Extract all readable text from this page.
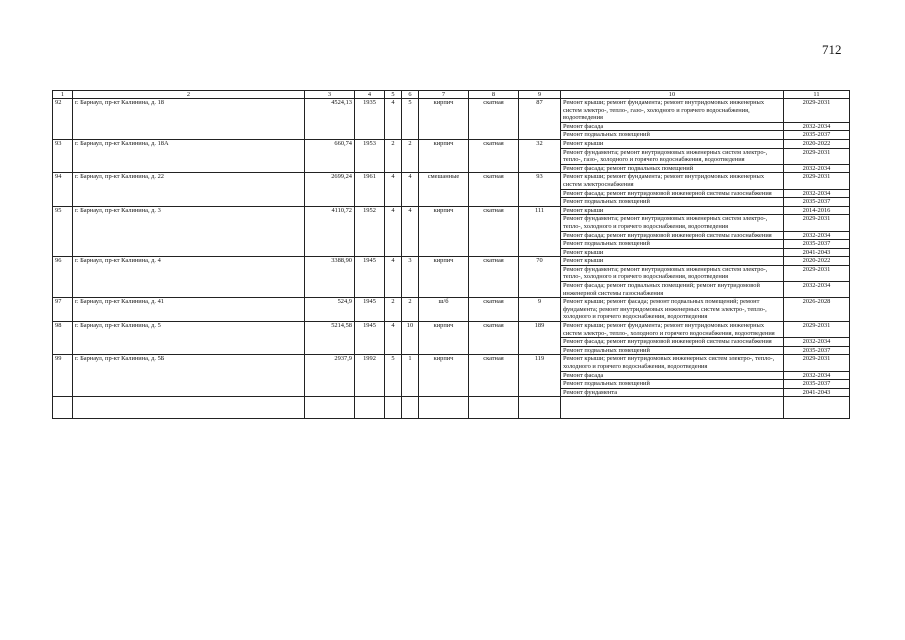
712
1	2	3	4	5	6	7	8	9	10	11
92	г. Барнаул, пр-кт Калинина, д. 18	4524,13	1935	4	5	кирпич	скатная	87	Ремонт крыши; ремонт фундамента; ремонт внутридомовых инженерных систем электро-, тепло-, газо-, холодного и горячего водоснабжения, водоотведения	2029-2031
									Ремонт фасада	2032-2034
									Ремонт подвальных помещений	2035-2037
93	г. Барнаул, пр-кт Калинина, д. 18А	660,74	1953	2	2	кирпич	скатная	32	Ремонт крыши	2020-2022
									Ремонт фундамента; ремонт внутридомовых инженерных систем электро-, тепло-, газо-, холодного и горячего водоснабжения, водоотведения	2029-2031
									Ремонт фасада; ремонт подвальных помещений	2032-2034
94	г. Барнаул, пр-кт Калинина, д. 22	2699,24	1961	4	4	смешанные	скатная	93	Ремонт крыши; ремонт фундамента; ремонт внутридомовых инженерных систем электроснабжения	2029-2031
									Ремонт фасада; ремонт внутридомовой инженерной системы газоснабжения	2032-2034
									Ремонт подвальных помещений	2035-2037
95	г. Барнаул, пр-кт Калинина, д. 3	4110,72	1952	4	4	кирпич	скатная	111	Ремонт крыши	2014-2016
									Ремонт фундамента; ремонт внутридомовых инженерных систем электро-, тепло-, холодного и горячего водоснабжения, водоотведения	2029-2031
									Ремонт фасада; ремонт внутридомовой инженерной системы газоснабжения	2032-2034
									Ремонт подвальных помещений	2035-2037
									Ремонт крыши	2041-2043
96	г. Барнаул, пр-кт Калинина, д. 4	3388,90	1945	4	3	кирпич	скатная	70	Ремонт крыши	2020-2022
									Ремонт фундамента; ремонт внутридомовых инженерных систем электро-, тепло-, холодного и горячего водоснабжения, водоотведения	2029-2031
									Ремонт фасада; ремонт подвальных помещений; ремонт внутридомовой инженерной системы газоснабжения	2032-2034
97	г. Барнаул, пр-кт Калинина, д. 41	524,9	1945	2	2	ш/б	скатная	9	Ремонт крыши; ремонт фасада; ремонт подвальных помещений; ремонт фундамента; ремонт внутридомовых инженерных систем электро-, тепло-, холодного и горячего водоснабжения, водоотведения	2026-2028
98	г. Барнаул, пр-кт Калинина, д. 5	5214,58	1945	4	10	кирпич	скатная	189	Ремонт крыши; ремонт фундамента; ремонт внутридомовых инженерных систем электро-, тепло-, холодного и горячего водоснабжения, водоотведения	2029-2031
									Ремонт фасада; ремонт внутридомовой инженерной системы газоснабжения	2032-2034
									Ремонт подвальных помещений	2035-2037
99	г. Барнаул, пр-кт Калинина, д. 5Б	2937,9	1992	5	1	кирпич	скатная	119	Ремонт крыши; ремонт внутридомовых инженерных систем электро-, тепло-, холодного и горячего водоснабжения, водоотведения	2029-2031
									Ремонт фасада	2032-2034
									Ремонт подвальных помещений	2035-2037
									Ремонт фундамента	2041-2043
